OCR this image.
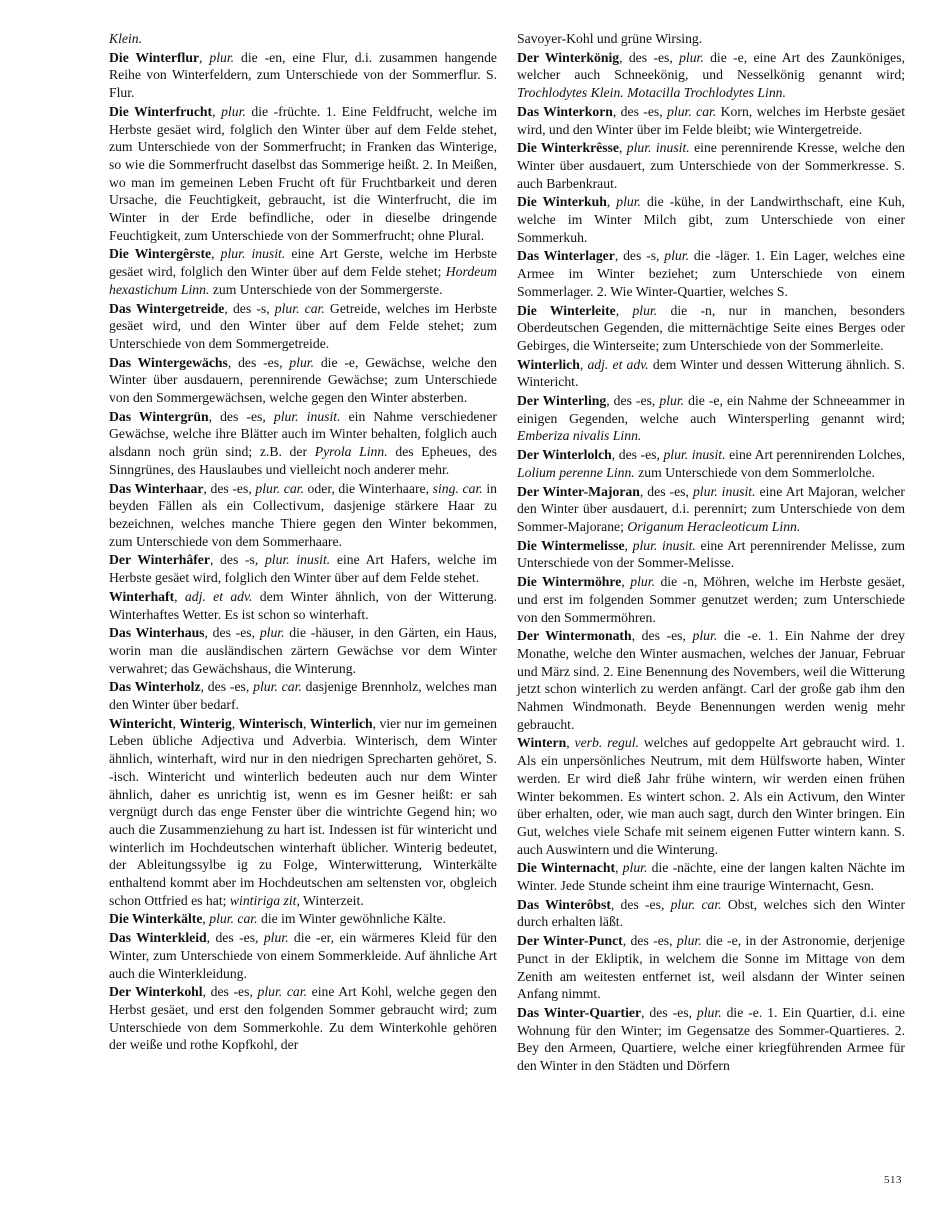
Klein.

Die Winterflur, plur. die -en, eine Flur, d.i. zusammen hangende Reihe von Winterfeldern, zum Unterschiede von der Sommerflur. S. Flur.

Die Winterfrucht, plur. die -früchte. 1. Eine Feldfrucht, welche im Herbste gesäet wird, folglich den Winter über auf dem Felde stehet, zum Unterschiede von der Sommerfrucht; in Franken das Winterige, so wie die Sommerfrucht daselbst das Sommerige heißt. 2. In Meißen, wo man im gemeinen Leben Frucht oft für Fruchtbarkeit und deren Ursache, die Feuchtigkeit, gebraucht, ist die Winterfrucht, die im Winter in der Erde befindliche, oder in dieselbe dringende Feuchtigkeit, zum Unterschiede von der Sommerfrucht; ohne Plural.

Die Wintergêrste, plur. inusit. eine Art Gerste, welche im Herbste gesäet wird, folglich den Winter über auf dem Felde stehet; Hordeum hexastichum Linn. zum Unterschiede von der Sommergerste.

Das Wintergetreide, des -s, plur. car. Getreide, welches im Herbste gesäet wird, und den Winter über auf dem Felde stehet; zum Unterschiede von dem Sommergetreide.

Das Wintergewächs, des -es, plur. die -e, Gewächse, welche den Winter über ausdauern, perennirende Gewächse; zum Unterschiede von den Sommergewächsen, welche gegen den Winter absterben.

Das Wintergrün, des -es, plur. inusit. ein Nahme verschiedener Gewächse, welche ihre Blätter auch im Winter behalten, folglich auch alsdann noch grün sind; z.B. der Pyrola Linn. des Epheues, des Sinngrünes, des Hauslaubes und vielleicht noch anderer mehr.

Das Winterhaar, des -es, plur. car. oder, die Winterhaare, sing. car. in beyden Fällen als ein Collectivum, dasjenige stärkere Haar zu bezeichnen, welches manche Thiere gegen den Winter bekommen, zum Unterschiede von dem Sommerhaare.

Der Winterhâfer, des -s, plur. inusit. eine Art Hafers, welche im Herbste gesäet wird, folglich den Winter über auf dem Felde stehet.

Winterhaft, adj. et adv. dem Winter ähnlich, von der Witterung. Winterhaftes Wetter. Es ist schon so winterhaft.

Das Winterhaus, des -es, plur. die -häuser, in den Gärten, ein Haus, worin man die ausländischen zärtern Gewächse vor dem Winter verwahret; das Gewächshaus, die Winterung.

Das Winterholz, des -es, plur. car. dasjenige Brennholz, welches man den Winter über bedarf.

Wintericht, Winterig, Winterisch, Winterlich, vier nur im gemeinen Leben übliche Adjectiva und Adverbia. Winterisch, dem Winter ähnlich, winterhaft, wird nur in den niedrigen Sprecharten gehöret, S. -isch. Wintericht und winterlich bedeuten auch nur dem Winter ähnlich, daher es unrichtig ist, wenn es im Gesner heißt: er sah vergnügt durch das enge Fenster über die wintrichte Gegend hin; wo auch die Zusammenziehung zu hart ist. Indessen ist für wintericht und winterlich im Hochdeutschen winterhaft üblicher. Winterig bedeutet, der Ableitungssylbe ig zu Folge, Winterwitterung, Winterkälte enthaltend kommt aber im Hochdeutschen am seltensten vor, obgleich schon Ottfried es hat; wintiriga zit, Winterzeit.

Die Winterkälte, plur. car. die im Winter gewöhnliche Kälte.

Das Winterkleid, des -es, plur. die -er, ein wärmeres Kleid für den Winter, zum Unterschiede von einem Sommerkleide. Auf ähnliche Art auch die Winterkleidung.

Der Winterkohl, des -es, plur. car. eine Art Kohl, welche gegen den Herbst gesäet, und erst den folgenden Sommer gebraucht wird; zum Unterschiede von dem Sommerkohle. Zu dem Winterkohle gehören der weiße und rothe Kopfkohl, der

Savoyer-Kohl und grüne Wirsing.

Der Winterkönig, des -es, plur. die -e, eine Art des Zaunköniges, welcher auch Schneekönig, und Nesselkönig genannt wird; Trochlodytes Klein. Motacilla Trochlodytes Linn.

Das Winterkorn, des -es, plur. car. Korn, welches im Herbste gesäet wird, und den Winter über im Felde bleibt; wie Wintergetreide.

Die Winterkrêsse, plur. inusit. eine perennirende Kresse, welche den Winter über ausdauert, zum Unterschiede von der Sommerkresse. S. auch Barbenkraut.

Die Winterkuh, plur. die -kühe, in der Landwirthschaft, eine Kuh, welche im Winter Milch gibt, zum Unterschiede von einer Sommerkuh.

Das Winterlager, des -s, plur. die -läger. 1. Ein Lager, welches eine Armee im Winter beziehet; zum Unterschiede von einem Sommerlager. 2. Wie Winter-Quartier, welches S.

Die Winterleite, plur. die -n, nur in manchen, besonders Oberdeutschen Gegenden, die mitternächtige Seite eines Berges oder Gebirges, die Winterseite; zum Unterschiede von der Sommerleite.

Winterlich, adj. et adv. dem Winter und dessen Witterung ähnlich. S. Wintericht.

Der Winterling, des -es, plur. die -e, ein Nahme der Schneeammer in einigen Gegenden, welche auch Wintersperling genannt wird; Emberiza nivalis Linn.

Der Winterlolch, des -es, plur. inusit. eine Art perennirenden Lolches, Lolium perenne Linn. zum Unterschiede von dem Sommerlolche.

Der Winter-Majoran, des -es, plur. inusit. eine Art Majoran, welcher den Winter über ausdauert, d.i. perennirt; zum Unterschiede von dem Sommer-Majorane; Origanum Heracleoticum Linn.

Die Wintermelisse, plur. inusit. eine Art perennirender Melisse, zum Unterschiede von der Sommer-Melisse.

Die Wintermöhre, plur. die -n, Möhren, welche im Herbste gesäet, und erst im folgenden Sommer genutzet werden; zum Unterschiede von den Sommermöhren.

Der Wintermonath, des -es, plur. die -e. 1. Ein Nahme der drey Monathe, welche den Winter ausmachen, welches der Januar, Februar und März sind. 2. Eine Benennung des Novembers, weil die Witterung jetzt schon winterlich zu werden anfängt. Carl der große gab ihm den Nahmen Windmonath. Beyde Benennungen werden wenig mehr gebraucht.

Wintern, verb. regul. welches auf gedoppelte Art gebraucht wird. 1. Als ein unpersönliches Neutrum, mit dem Hülfsworte haben, Winter werden. Er wird dieß Jahr frühe wintern, wir werden einen frühen Winter bekommen. Es wintert schon. 2. Als ein Activum, den Winter über erhalten, oder, wie man auch sagt, durch den Winter bringen. Ein Gut, welches viele Schafe mit seinem eigenen Futter wintern kann. S. auch Auswintern und die Winterung.

Die Winternacht, plur. die -nächte, eine der langen kalten Nächte im Winter. Jede Stunde scheint ihm eine traurige Winternacht, Gesn.

Das Winterôbst, des -es, plur. car. Obst, welches sich den Winter durch erhalten läßt.

Der Winter-Punct, des -es, plur. die -e, in der Astronomie, derjenige Punct in der Ekliptik, in welchem die Sonne im Mittage von dem Zenith am weitesten entfernet ist, weil alsdann der Winter seinen Anfang nimmt.

Das Winter-Quartier, des -es, plur. die -e. 1. Ein Quartier, d.i. eine Wohnung für den Winter; im Gegensatze des Sommer-Quartieres. 2. Bey den Armeen, Quartiere, welche einer kriegführenden Armee für den Winter in den Städten und Dörfern

513
